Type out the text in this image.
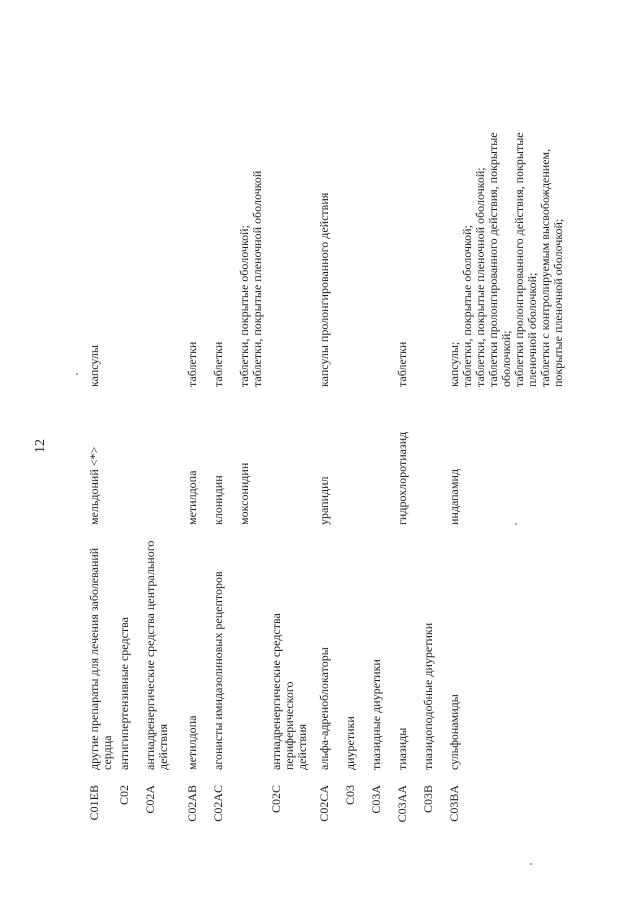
12
C01EB
другие препараты для лечения заболеваний сердца
мельдоний <*>
капсулы
C02
антигипертензивные средства
C02A
антиадренергические средства центрального действия
C02AB
метилдопа
метилдопа
таблетки
C02AC
агонисты имидазолиновых рецепторов
клонидин
таблетки
моксонидин
таблетки, покрытые оболочкой; таблетки, покрытые пленочной оболочкой
C02C
антиадренергические средства периферического действия
C02CA
альфа-адреноблокаторы
урапидил
капсулы пролонгированного действия
C03
диуретики
C03A
тиазидные диуретики
C03AA
тиазиды
гидрохлоротиазид
таблетки
C03B
тиазидоподобные диуретики
C03BA
сульфонамиды
индапамид
капсулы; таблетки, покрытые оболочкой; таблетки, покрытые пленочной оболочкой; таблетки пролонгированного действия, покрытые оболочкой; таблетки пролонгированного действия, покрытые пленочной оболочкой; таблетки с контролируемым высвобождением, покрытые пленочной оболочкой;
